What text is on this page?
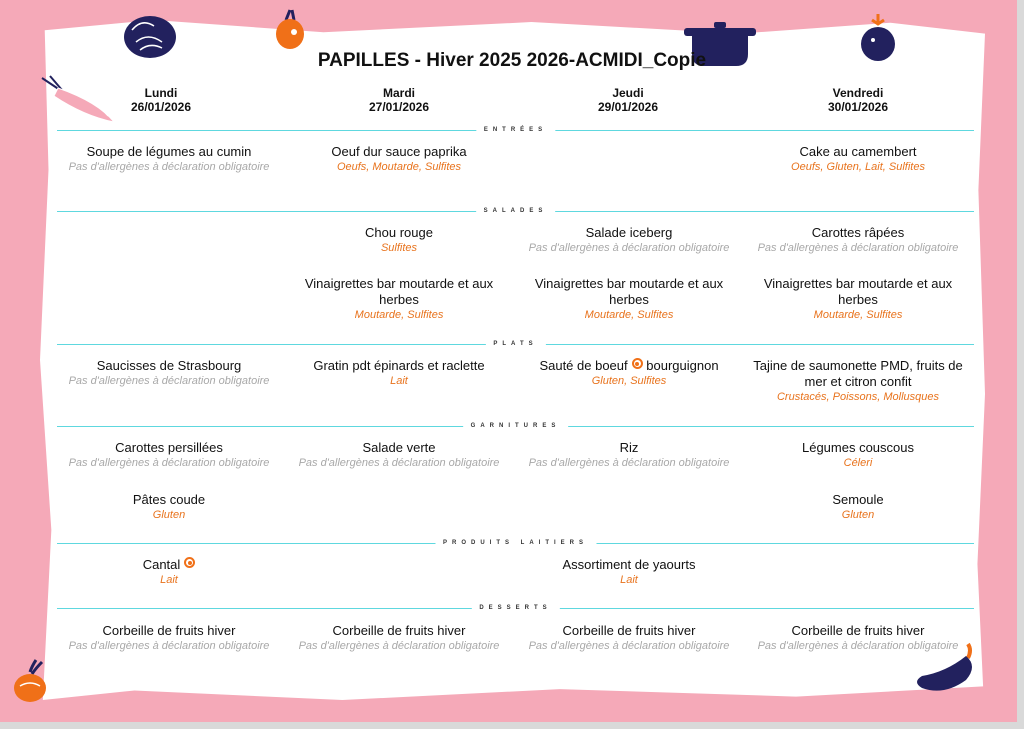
PAPILLES - Hiver 2025 2026-ACMIDI_Copie
Lundi
26/01/2026
Mardi
27/01/2026
Jeudi
29/01/2026
Vendredi
30/01/2026
ENTRÉES
SALADES
PLATS
GARNITURES
PRODUITS LAITIERS
DESSERTS
Soupe de légumes au cumin
Pas d'allergènes à déclaration obligatoire
Oeuf dur sauce paprika
Oeufs, Moutarde, Sulfites
Cake au camembert
Oeufs, Gluten, Lait, Sulfites
Chou rouge
Sulfites
Vinaigrettes bar moutarde et aux herbes
Moutarde, Sulfites
Salade iceberg
Pas d'allergènes à déclaration obligatoire
Vinaigrettes bar moutarde et aux herbes
Moutarde, Sulfites
Carottes râpées
Pas d'allergènes à déclaration obligatoire
Vinaigrettes bar moutarde et aux herbes
Moutarde, Sulfites
Saucisses de Strasbourg
Pas d'allergènes à déclaration obligatoire
Gratin pdt épinards et raclette
Lait
Sauté de boeuf bourguignon
Gluten, Sulfites
Tajine de saumonette PMD, fruits de mer et citron confit
Crustacés, Poissons, Mollusques
Carottes persillées
Pas d'allergènes à déclaration obligatoire
Pâtes coude
Gluten
Salade verte
Pas d'allergènes à déclaration obligatoire
Riz
Pas d'allergènes à déclaration obligatoire
Légumes couscous
Céleri
Semoule
Gluten
Cantal
Lait
Assortiment de yaourts
Lait
Corbeille de fruits hiver
Pas d'allergènes à déclaration obligatoire
Corbeille de fruits hiver
Pas d'allergènes à déclaration obligatoire
Corbeille de fruits hiver
Pas d'allergènes à déclaration obligatoire
Corbeille de fruits hiver
Pas d'allergènes à déclaration obligatoire
